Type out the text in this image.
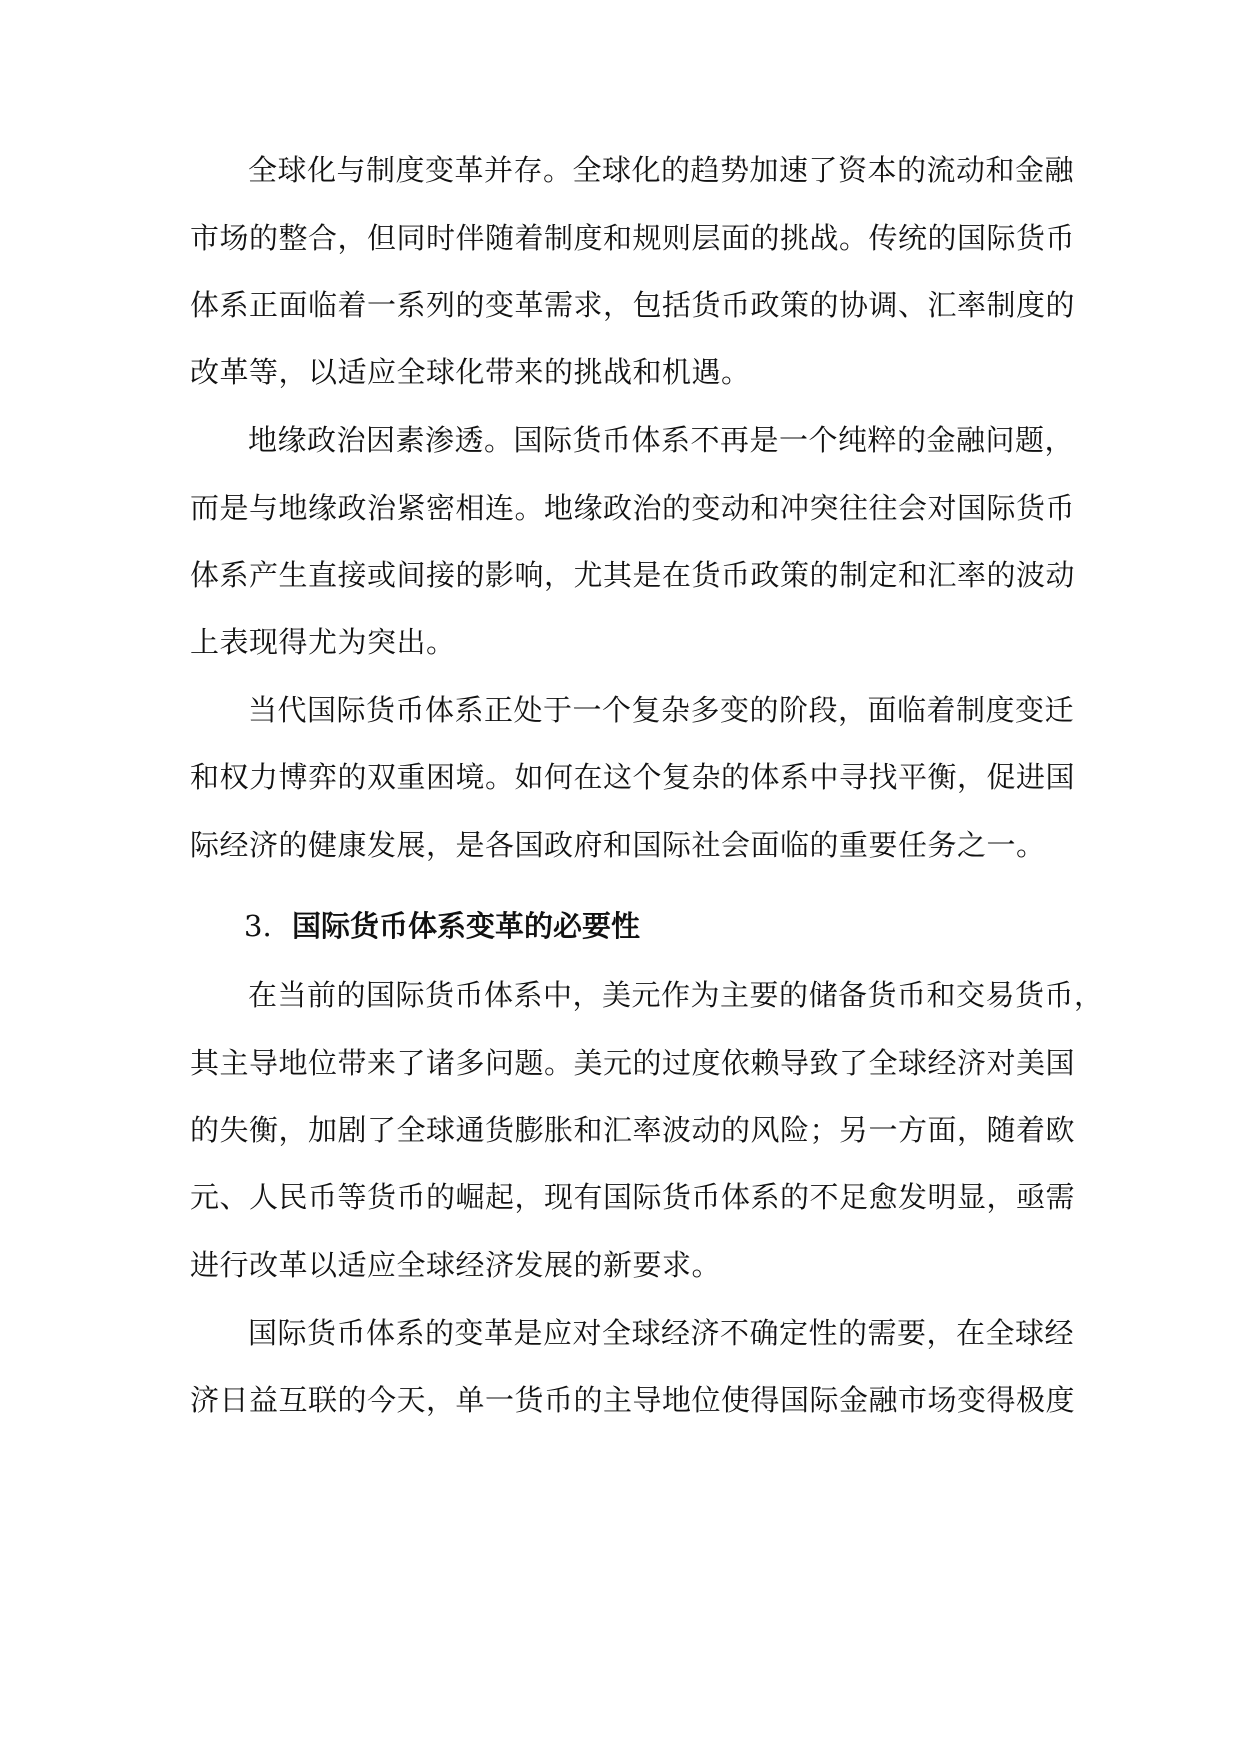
全球化与制度变革并存。全球化的趋势加速了资本的流动和金融
市场的整合，但同时伴随着制度和规则层面的挑战。传统的国际货币
体系正面临着一系列的变革需求，包括货币政策的协调、汇率制度的
改革等，以适应全球化带来的挑战和机遇。
地缘政治因素渗透。国际货币体系不再是一个纯粹的金融问题，
而是与地缘政治紧密相连。地缘政治的变动和冲突往往会对国际货币
体系产生直接或间接的影响，尤其是在货币政策的制定和汇率的波动
上表现得尤为突出。
当代国际货币体系正处于一个复杂多变的阶段，面临着制度变迁
和权力博弈的双重困境。如何在这个复杂的体系中寻找平衡，促进国
际经济的健康发展，是各国政府和国际社会面临的重要任务之一。
3. 国际货币体系变革的必要性
在当前的国际货币体系中，美元作为主要的储备货币和交易货币，
其主导地位带来了诸多问题。美元的过度依赖导致了全球经济对美国
的失衡，加剧了全球通货膨胀和汇率波动的风险；另一方面，随着欧
元、人民币等货币的崛起，现有国际货币体系的不足愈发明显，亟需
进行改革以适应全球经济发展的新要求。
国际货币体系的变革是应对全球经济不确定性的需要，在全球经
济日益互联的今天，单一货币的主导地位使得国际金融市场变得极度
